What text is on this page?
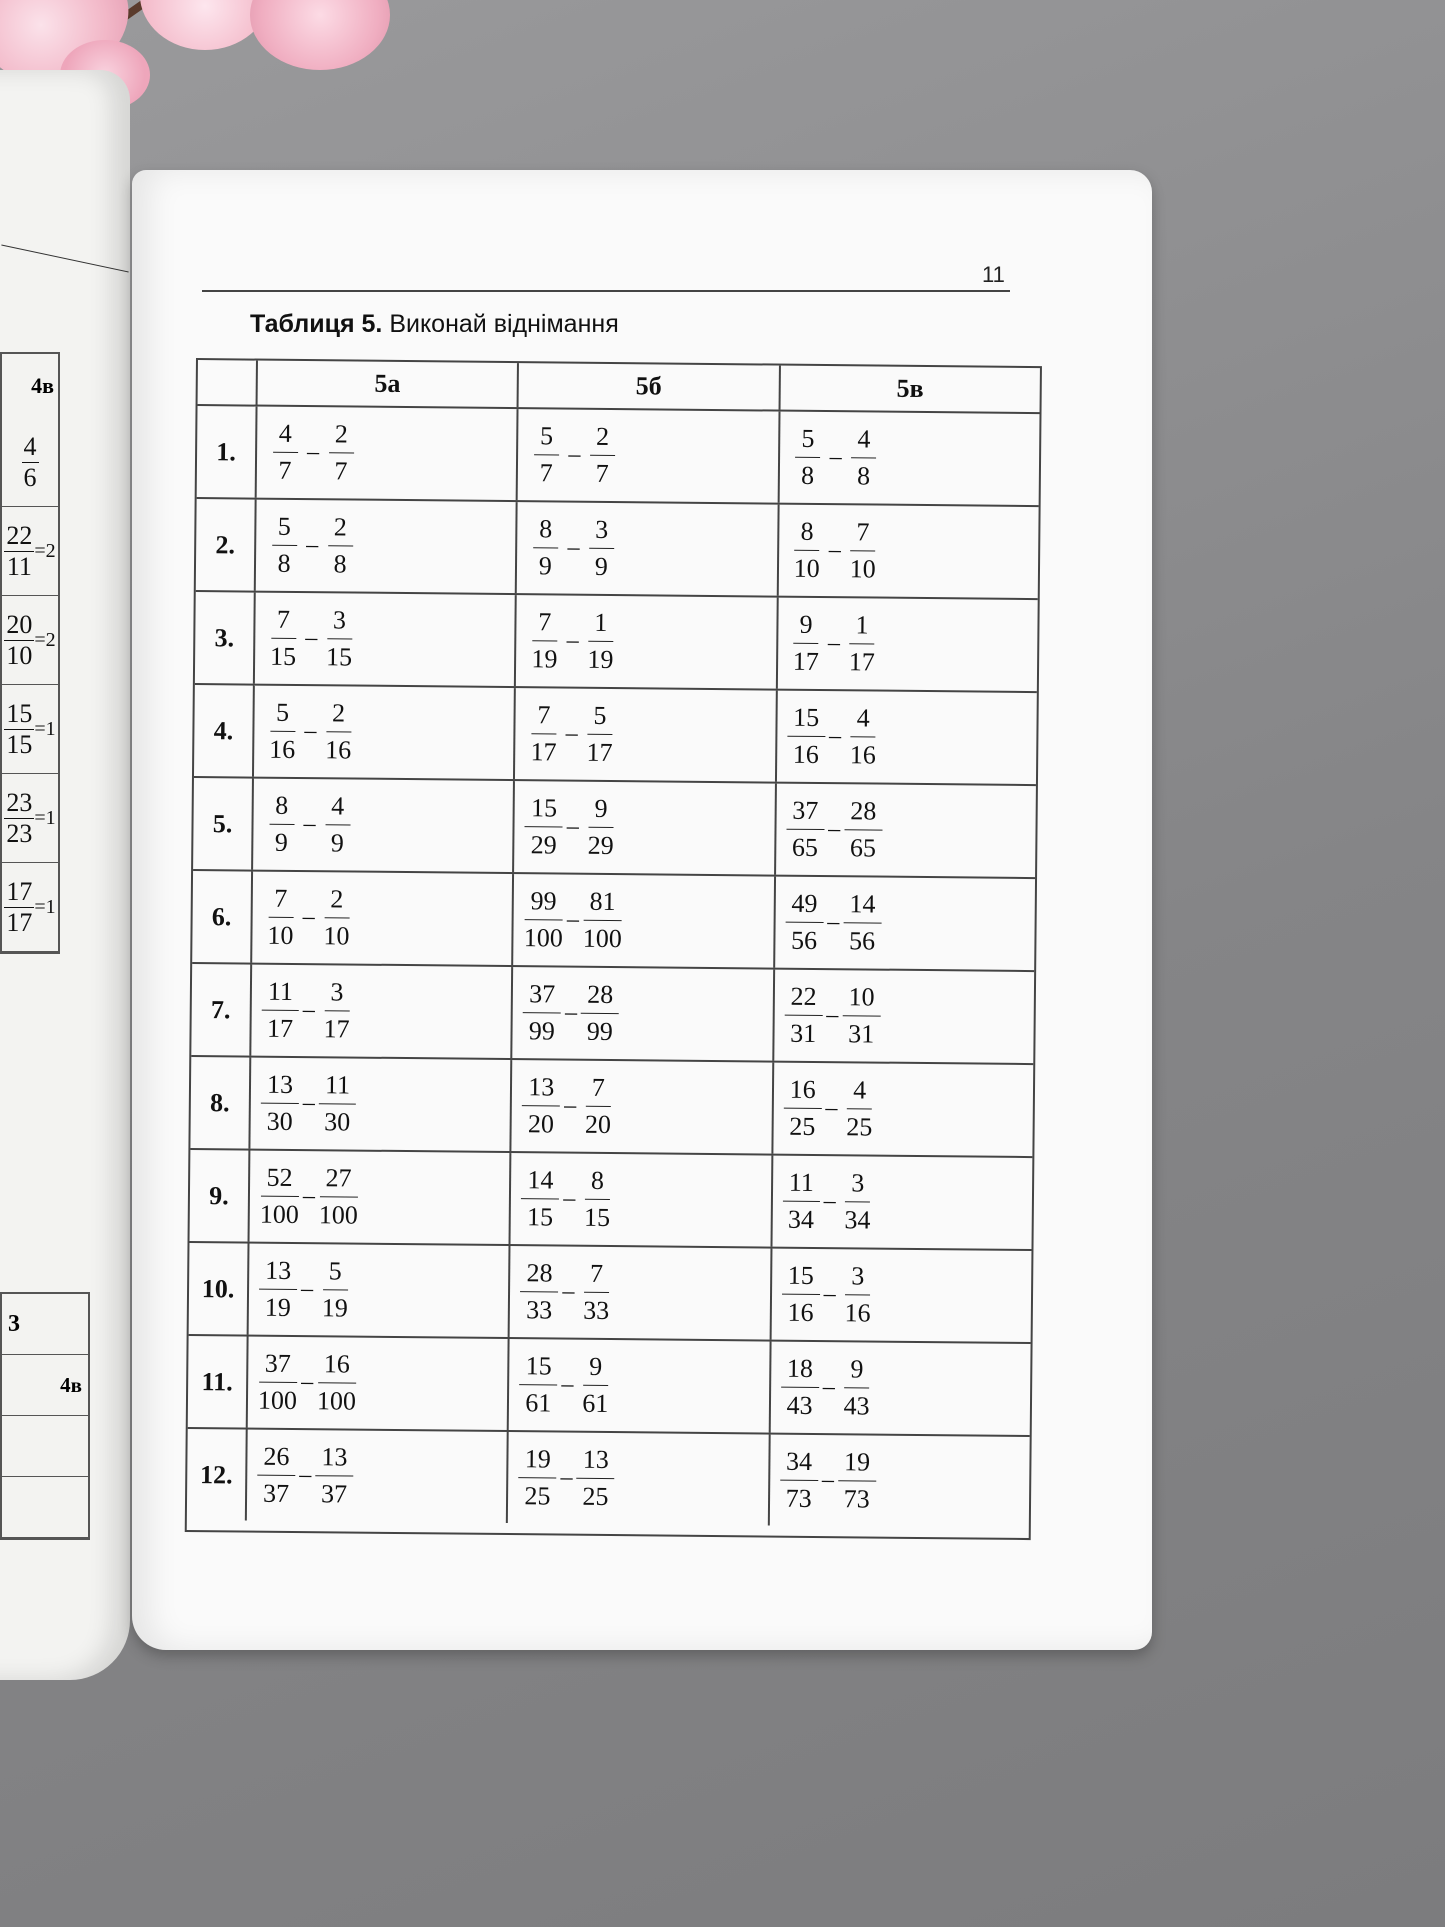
4в
$\frac{4}{6}$
$\frac{22}{11} =2$
$\frac{20}{10} =2$
$\frac{15}{15} =1$
$\frac{23}{23} =1$
$\frac{17}{17} =1$
3
4в
11
Таблиця 5. Виконай віднімання
5а	5б	5в
1.	$\frac{4}{7} - \frac{2}{7}$	$\frac{5}{7} - \frac{2}{7}$	$\frac{5}{8} - \frac{4}{8}$
2.	$\frac{5}{8} - \frac{2}{8}$	$\frac{8}{9} - \frac{3}{9}$	$\frac{8}{10} - \frac{7}{10}$
3.	$\frac{7}{15} - \frac{3}{15}$	$\frac{7}{19} - \frac{1}{19}$	$\frac{9}{17} - \frac{1}{17}$
4.	$\frac{5}{16} - \frac{2}{16}$	$\frac{7}{17} - \frac{5}{17}$	$\frac{15}{16} - \frac{4}{16}$
5.	$\frac{8}{9} - \frac{4}{9}$	$\frac{15}{29} - \frac{9}{29}$	$\frac{37}{65} - \frac{28}{65}$
6.	$\frac{7}{10} - \frac{2}{10}$	$\frac{99}{100} - \frac{81}{100}$	$\frac{49}{56} - \frac{14}{56}$
7.	$\frac{11}{17} - \frac{3}{17}$	$\frac{37}{99} - \frac{28}{99}$	$\frac{22}{31} - \frac{10}{31}$
8.	$\frac{13}{30} - \frac{11}{30}$	$\frac{13}{20} - \frac{7}{20}$	$\frac{16}{25} - \frac{4}{25}$
9.	$\frac{52}{100} - \frac{27}{100}$	$\frac{14}{15} - \frac{8}{15}$	$\frac{11}{34} - \frac{3}{34}$
10. $\frac{13}{19} - \frac{5}{19}$	$\frac{28}{33} - \frac{7}{33}$	$\frac{15}{16} - \frac{3}{16}$
11. $\frac{37}{100} - \frac{16}{100}$	$\frac{15}{61} - \frac{9}{61}$	$\frac{18}{43} - \frac{9}{43}$
12. $\frac{26}{37} - \frac{13}{37}$	$\frac{19}{25} - \frac{13}{25}$	$\frac{34}{73} - \frac{19}{73}$
